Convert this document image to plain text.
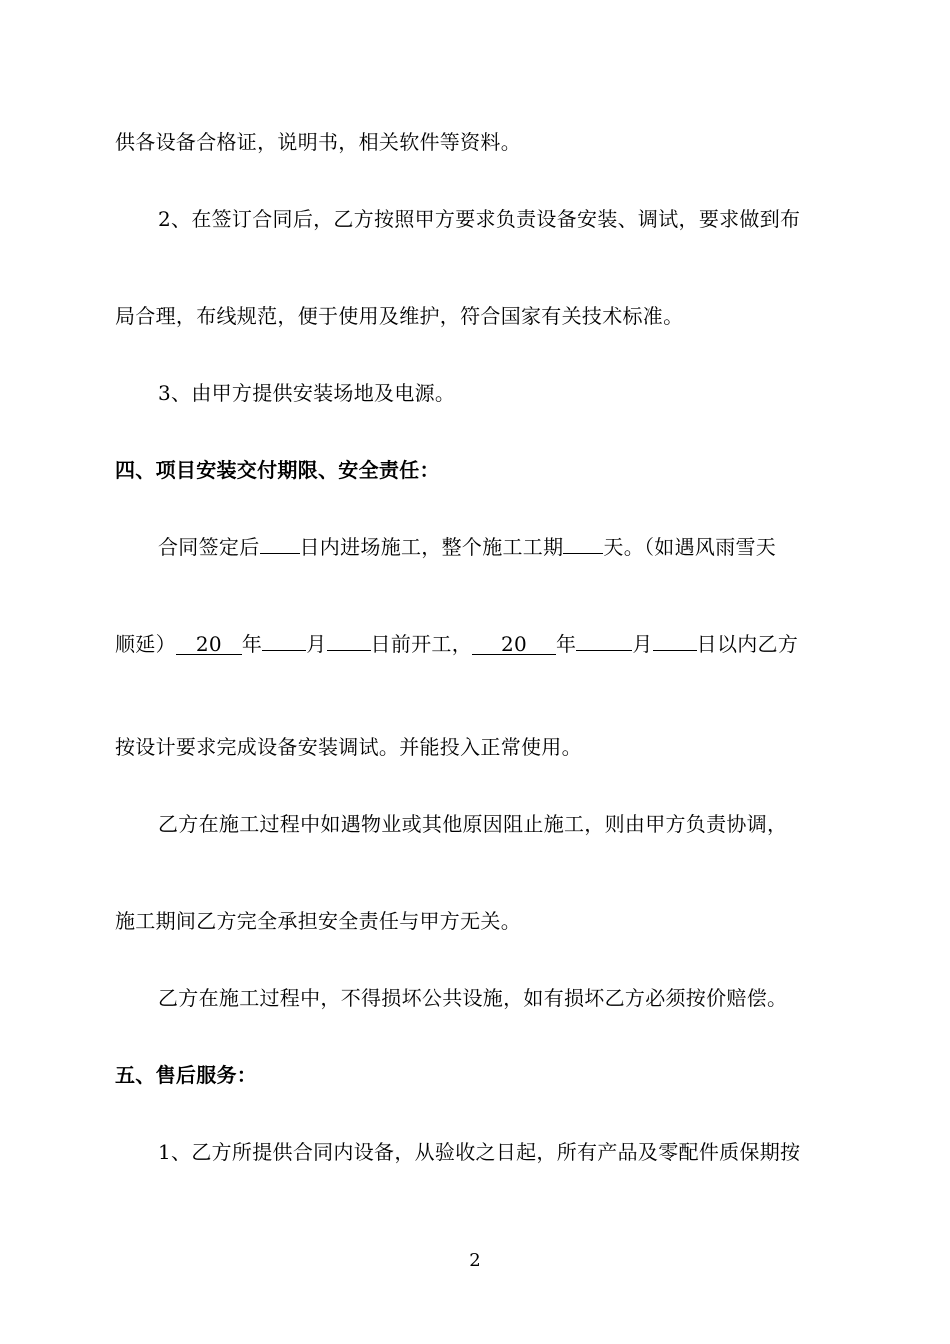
供各设备合格证，说明书，相关软件等资料。
2、在签订合同后，乙方按照甲方要求负责设备安装、调试，要求做到布
局合理，布线规范，便于使用及维护，符合国家有关技术标准。
3、由甲方提供安装场地及电源。
四、项目安装交付期限、安全责任：
合同签定后 日内进场施工，整个施工工期 天。（如遇风雨雪天
顺延） 20 年 月 日前开工， 20 年	月 日以内乙方
按设计要求完成设备安装调试。并能投入正常使用。
乙方在施工过程中如遇物业或其他原因阻止施工，则由甲方负责协调，
施工期间乙方完全承担安全责任与甲方无关。
乙方在施工过程中，不得损坏公共设施，如有损坏乙方必须按价赔偿。
五、售后服务：
1、乙方所提供合同内设备，从验收之日起，所有产品及零配件质保期按
2
